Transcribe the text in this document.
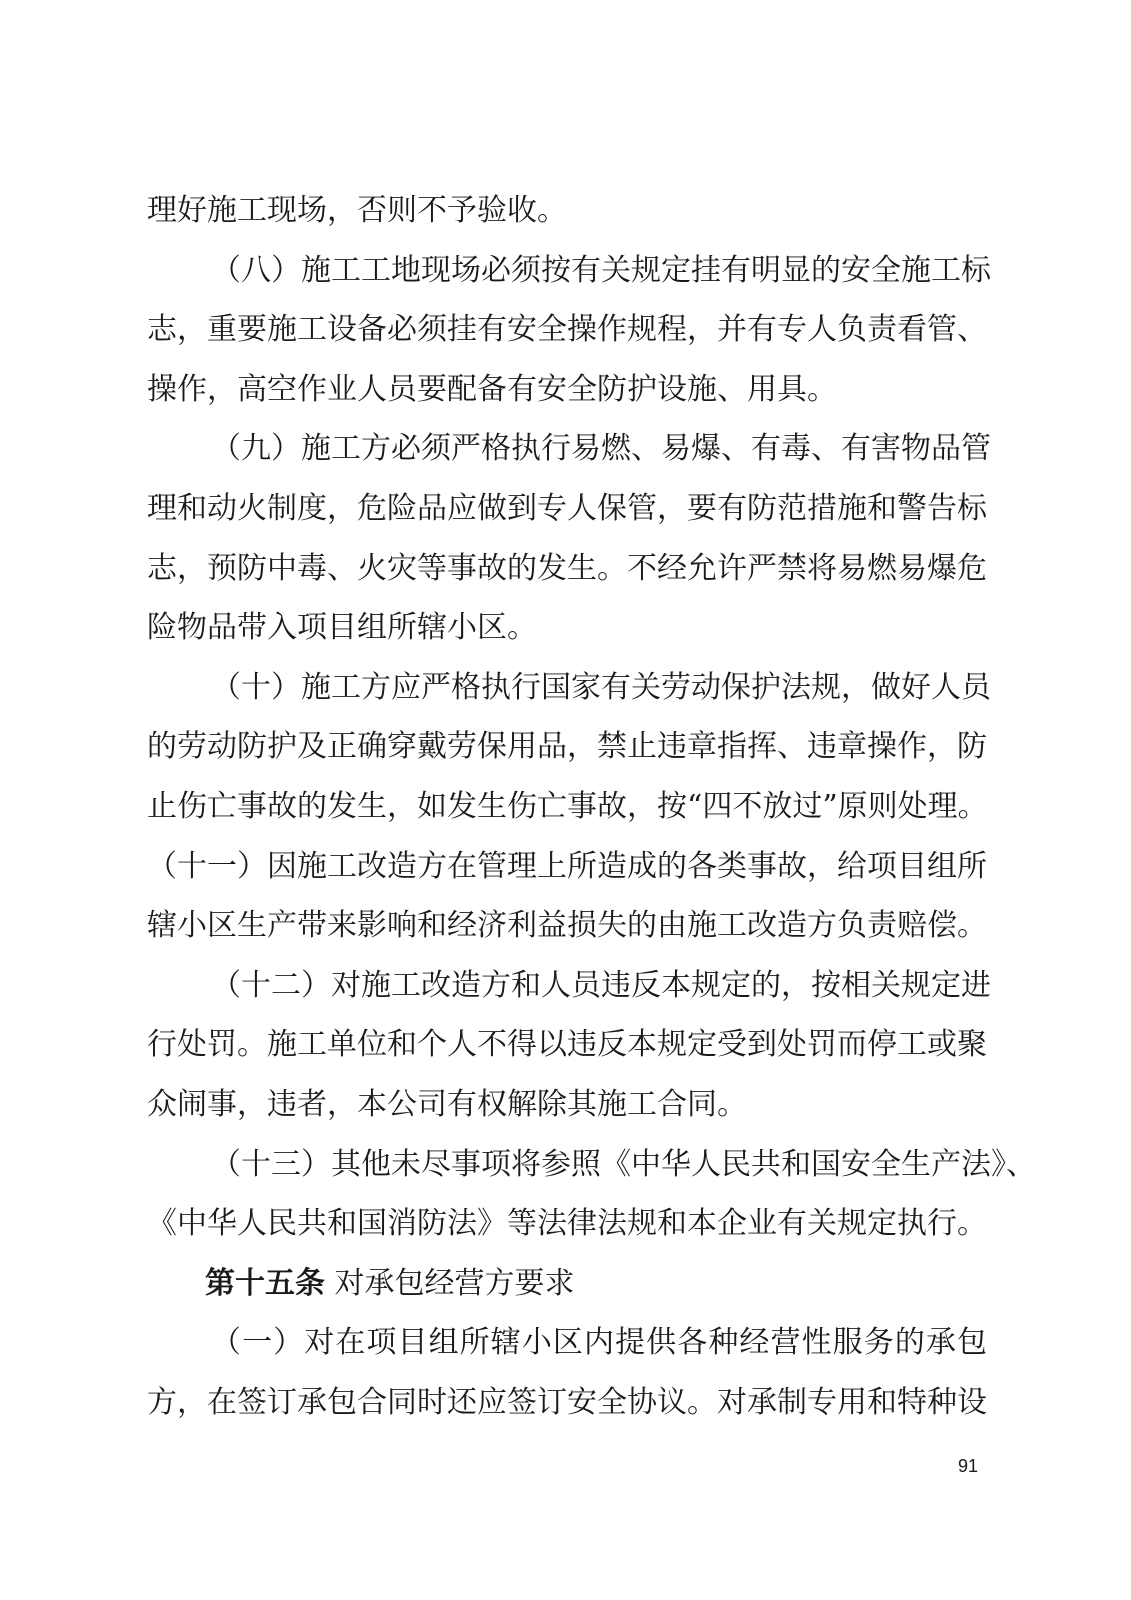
理好施工现场，否则不予验收。
（八）施工工地现场必须按有关规定挂有明显的安全施工标
志，重要施工设备必须挂有安全操作规程，并有专人负责看管、
操作，高空作业人员要配备有安全防护设施、用具。
（九）施工方必须严格执行易燃、易爆、有毒、有害物品管
理和动火制度，危险品应做到专人保管，要有防范措施和警告标
志，预防中毒、火灾等事故的发生。不经允许严禁将易燃易爆危
险物品带入项目组所辖小区。
（十）施工方应严格执行国家有关劳动保护法规，做好人员
的劳动防护及正确穿戴劳保用品，禁止违章指挥、违章操作，防
止伤亡事故的发生，如发生伤亡事故，按“四不放过”原则处理。
（十一）因施工改造方在管理上所造成的各类事故，给项目组所
辖小区生产带来影响和经济利益损失的由施工改造方负责赔偿。
（十二）对施工改造方和人员违反本规定的，按相关规定进
行处罚。施工单位和个人不得以违反本规定受到处罚而停工或聚
众闹事，违者，本公司有权解除其施工合同。
（十三）其他未尽事项将参照《中华人民共和国安全生产法》、
《中华人民共和国消防法》等法律法规和本企业有关规定执行。
第十五条 对承包经营方要求
（一）对在项目组所辖小区内提供各种经营性服务的承包
方，在签订承包合同时还应签订安全协议。对承制专用和特种设
91
